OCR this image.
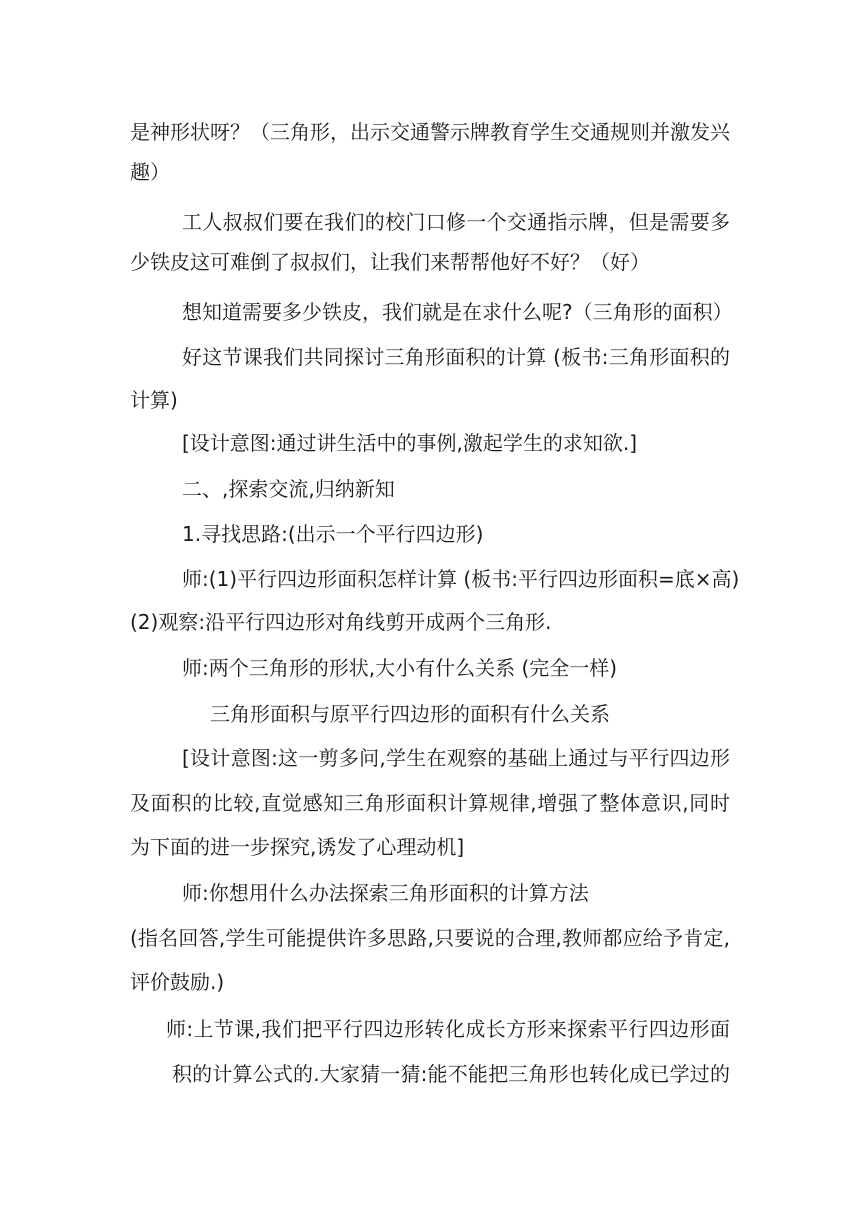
是神形状呀？（三角形，出示交通警示牌教育学生交通规则并激发兴
趣）
工人叔叔们要在我们的校门口修一个交通指示牌，但是需要多
少铁皮这可难倒了叔叔们，让我们来帮帮他好不好？（好）
想知道需要多少铁皮，我们就是在求什么呢?（三角形的面积）
好这节课我们共同探讨三角形面积的计算 (板书:三角形面积的
计算)
[设计意图:通过讲生活中的事例,激起学生的求知欲.]
二、,探索交流,归纳新知
1.寻找思路:(出示一个平行四边形)
师:(1)平行四边形面积怎样计算 (板书:平行四边形面积=底×高)
(2)观察:沿平行四边形对角线剪开成两个三角形.
师:两个三角形的形状,大小有什么关系 (完全一样)
三角形面积与原平行四边形的面积有什么关系
[设计意图:这一剪多问,学生在观察的基础上通过与平行四边形
及面积的比较,直觉感知三角形面积计算规律,增强了整体意识,同时
为下面的进一步探究,诱发了心理动机]
师:你想用什么办法探索三角形面积的计算方法
(指名回答,学生可能提供许多思路,只要说的合理,教师都应给予肯定,
评价鼓励.)
师:上节课,我们把平行四边形转化成长方形来探索平行四边形面
积的计算公式的.大家猜一猜:能不能把三角形也转化成已学过的
